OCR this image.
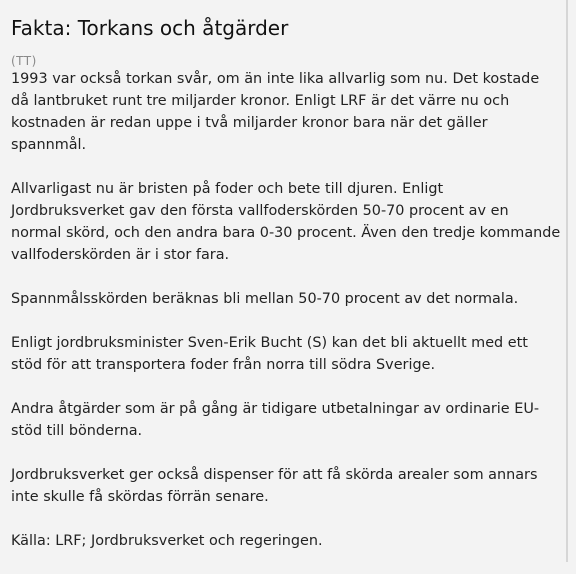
Fakta: Torkans och åtgärder
(TT)

1993 var också torkan svår, om än inte lika allvarlig som nu. Det kostade då lantbruket runt tre miljarder kronor. Enligt LRF är det värre nu och kostnaden är redan uppe i två miljarder kronor bara när det gäller spannmål.

Allvarligast nu är bristen på foder och bete till djuren. Enligt Jordbruksverket gav den första vallfoderskörden 50-70 procent av en normal skörd, och den andra bara 0-30 procent. Även den tredje kommande vallfoderskörden är i stor fara.

Spannmålsskörden beräknas bli mellan 50-70 procent av det normala.

Enligt jordbruksminister Sven-Erik Bucht (S) kan det bli aktuellt med ett stöd för att transportera foder från norra till södra Sverige.

Andra åtgärder som är på gång är tidigare utbetalningar av ordinarie EU-stöd till bönderna.

Jordbruksverket ger också dispenser för att få skörda arealer som annars inte skulle få skördas förrän senare.

Källa: LRF; Jordbruksverket och regeringen.
